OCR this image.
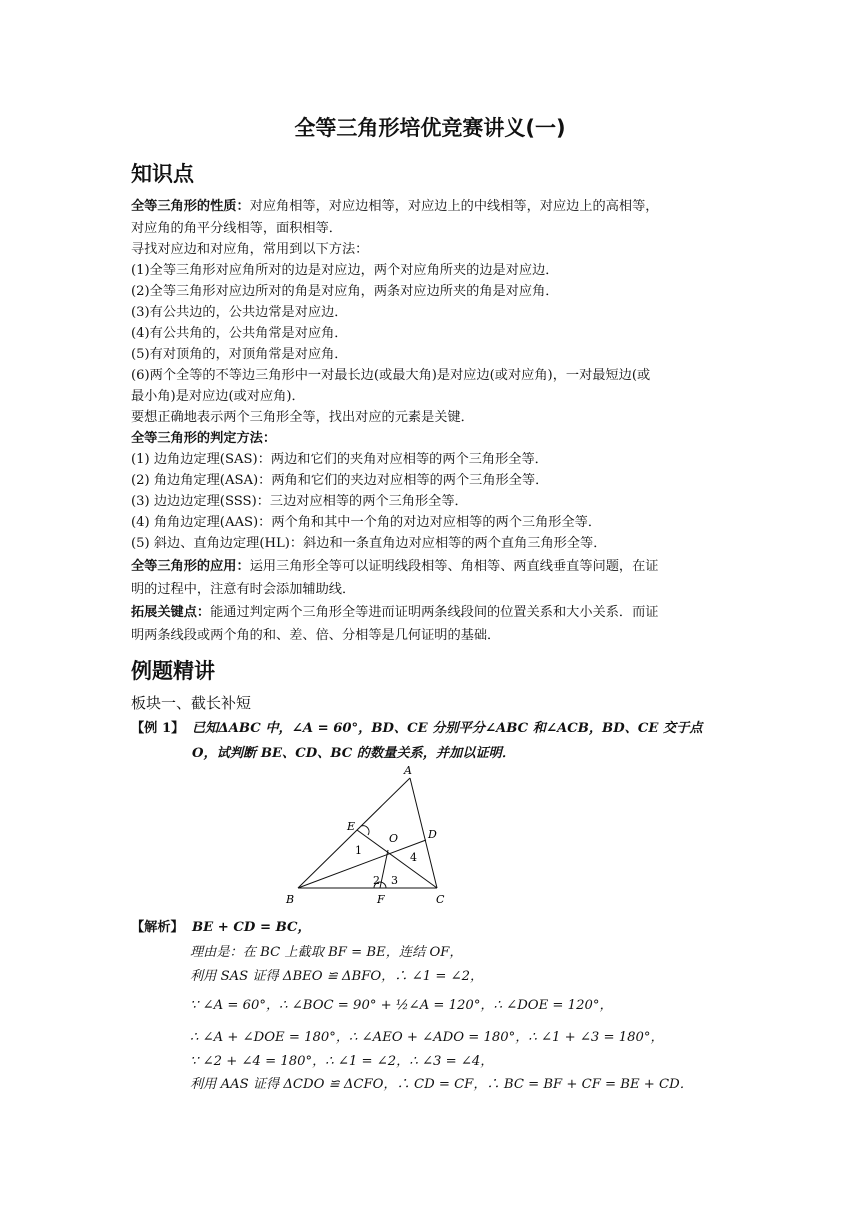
全等三角形培优竞赛讲义(一)
知识点
全等三角形的性质：对应角相等，对应边相等，对应边上的中线相等，对应边上的高相等，
对应角的角平分线相等，面积相等．
寻找对应边和对应角，常用到以下方法：
(1)全等三角形对应角所对的边是对应边，两个对应角所夹的边是对应边．
(2)全等三角形对应边所对的角是对应角，两条对应边所夹的角是对应角．
(3)有公共边的，公共边常是对应边．
(4)有公共角的，公共角常是对应角．
(5)有对顶角的，对顶角常是对应角．
(6)两个全等的不等边三角形中一对最长边(或最大角)是对应边(或对应角)，一对最短边(或
最小角)是对应边(或对应角)．
要想正确地表示两个三角形全等，找出对应的元素是关键．
全等三角形的判定方法：
(1) 边角边定理(SAS)：两边和它们的夹角对应相等的两个三角形全等．
(2) 角边角定理(ASA)：两角和它们的夹边对应相等的两个三角形全等．
(3) 边边边定理(SSS)：三边对应相等的两个三角形全等．
(4) 角角边定理(AAS)：两个角和其中一个角的对边对应相等的两个三角形全等．
(5) 斜边、直角边定理(HL)：斜边和一条直角边对应相等的两个直角三角形全等．
全等三角形的应用：运用三角形全等可以证明线段相等、角相等、两直线垂直等问题，在证
明的过程中，注意有时会添加辅助线．
拓展关键点：能通过判定两个三角形全等进而证明两条线段间的位置关系和大小关系．而证
明两条线段或两个角的和、差、倍、分相等是几何证明的基础．
例题精讲
板块一、截长补短
【例 1】 已知ΔABC 中，∠A = 60°，BD、CE 分别平分∠ABC 和∠ACB，BD、CE 交于点
O，试判断 BE、CD、BC 的数量关系，并加以证明．
A
B	C
D
E
F
O
1
2 3
4
【解析】 BE + CD = BC，
理由是：在 BC 上截取 BF = BE，连结 OF，
利用 SAS 证得 ΔBEO ≌ ΔBFO，∴ ∠1 = ∠2，
∵ ∠A = 60°，∴ ∠BOC = 90° + ½∠A = 120°，∴ ∠DOE = 120°，
∴ ∠A + ∠DOE = 180°，∴ ∠AEO + ∠ADO = 180°，∴ ∠1 + ∠3 = 180°，
∵ ∠2 + ∠4 = 180°，∴ ∠1 = ∠2，∴ ∠3 = ∠4，
利用 AAS 证得 ΔCDO ≌ ΔCFO，∴ CD = CF，∴ BC = BF + CF = BE + CD．
